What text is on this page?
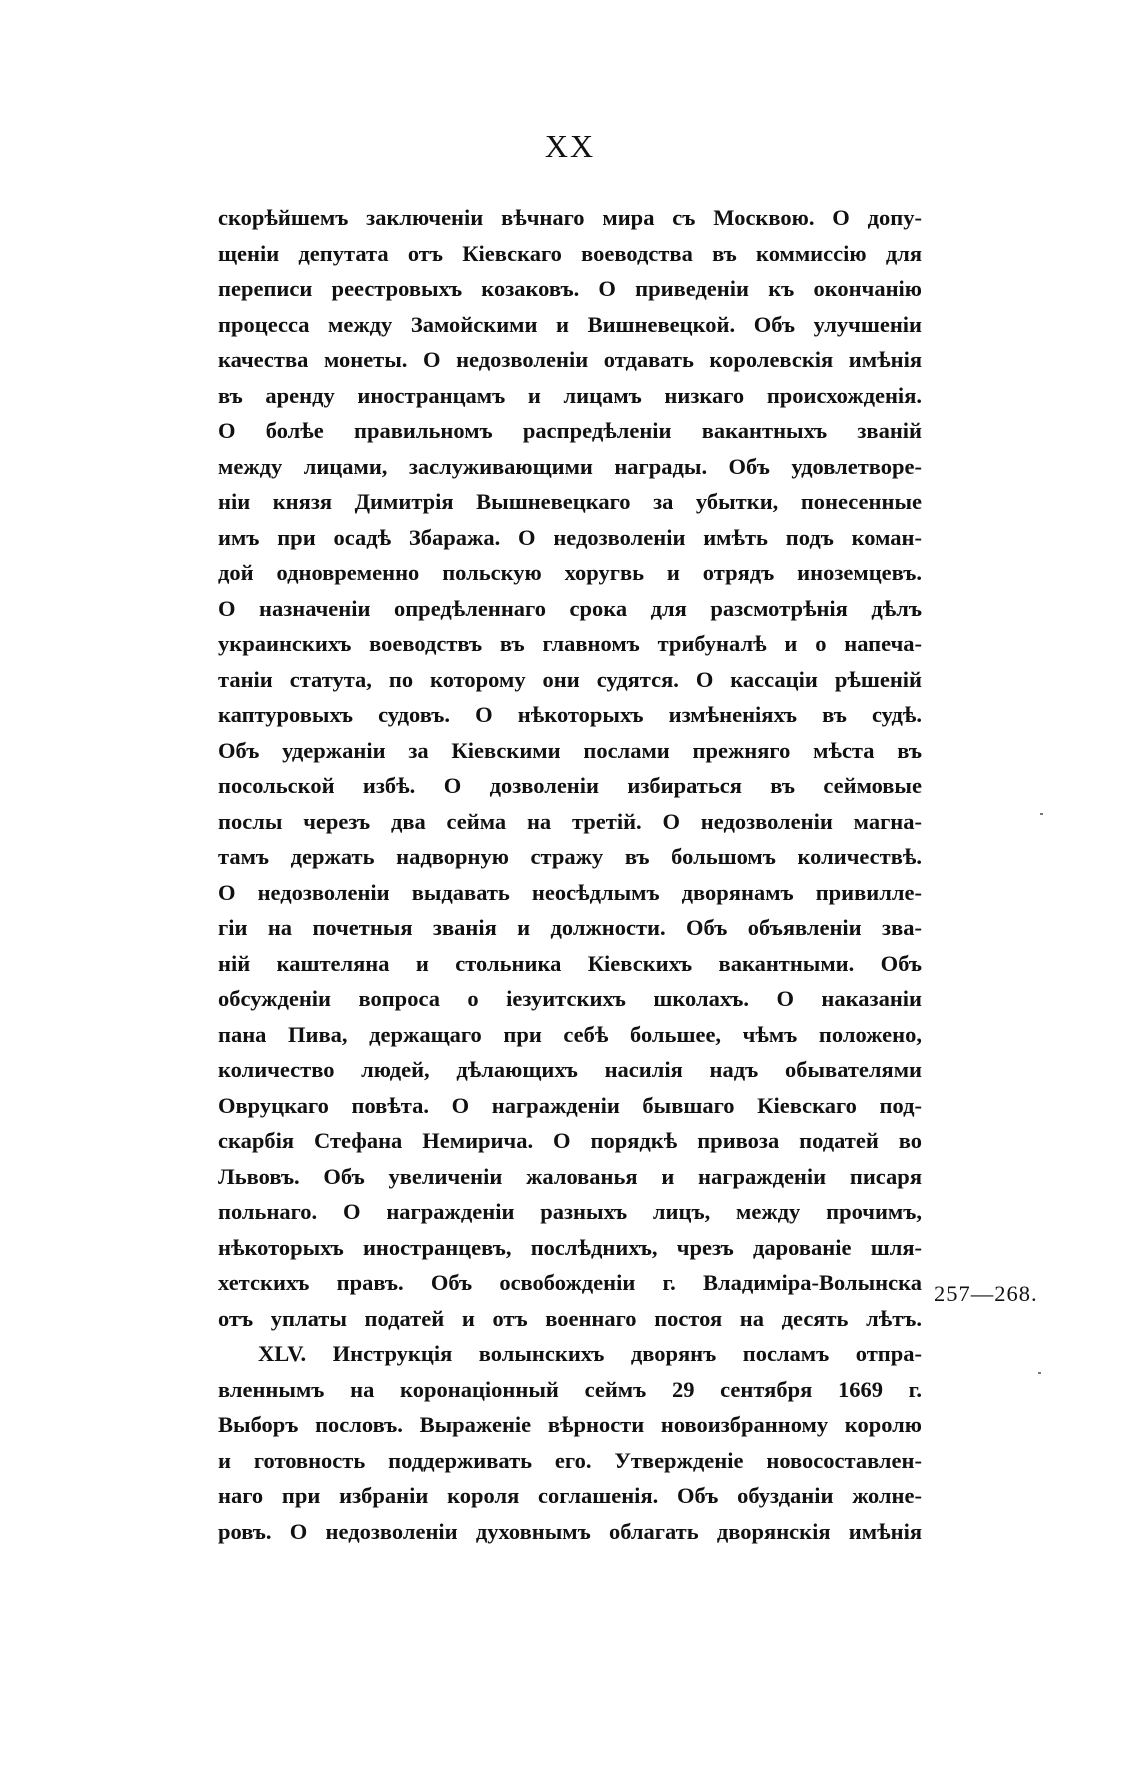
XX
скорѣйшемъ заключеніи вѣчнаго мира съ Москвою. О допу-
щеніи депутата отъ Кіевскаго воеводства въ коммиссію для
переписи реестровыхъ козаковъ. О приведеніи къ окончанію
процесса между Замойскими и Вишневецкой. Объ улучшеніи
качества монеты. О недозволеніи отдавать королевскія имѣнія
въ аренду иностранцамъ и лицамъ низкаго происхожденія.
О болѣе правильномъ распредѣленіи вакантныхъ званій
между лицами, заслуживающими награды. Объ удовлетворе-
ніи князя Димитрія Вышневецкаго за убытки, понесенные
имъ при осадѣ Збаража. О недозволеніи имѣть подъ коман-
дой одновременно польскую хоругвь и отрядъ иноземцевъ.
О назначеніи опредѣленнаго срока для разсмотрѣнія дѣлъ
украинскихъ воеводствъ въ главномъ трибуналѣ и о напеча-
таніи статута, по которому они судятся. О кассаціи рѣшеній
каптуровыхъ судовъ. О нѣкоторыхъ измѣненіяхъ въ судѣ.
Объ удержаніи за Кіевскими послами прежняго мѣста въ
посольской избѣ. О дозволеніи избираться въ сеймовые
послы черезъ два сейма на третій. О недозволеніи магна-
тамъ держать надворную стражу въ большомъ количествѣ.
О недозволеніи выдавать неосѣдлымъ дворянамъ привилле-
гіи на почетныя званія и должности. Объ объявленіи зва-
ній каштеляна и стольника Кіевскихъ вакантными. Объ
обсужденіи вопроса о іезуитскихъ школахъ. О наказаніи
пана Пива, держащаго при себѣ большее, чѣмъ положено,
количество людей, дѣлающихъ насилія надъ обывателями
Овруцкаго повѣта. О награжденіи бывшаго Кіевскаго под-
скарбія Стефана Немирича. О порядкѣ привоза податей во
Львовъ. Объ увеличеніи жалованья и награжденіи писаря
польнаго. О награжденіи разныхъ лицъ, между прочимъ,
нѣкоторыхъ иностранцевъ, послѣднихъ, чрезъ дарованіе шля-
хетскихъ правъ. Объ освобожденіи г. Владиміра-Волынска
отъ уплаты податей и отъ военнаго постоя на десять лѣтъ.
XLV. Инструкція волынскихъ дворянъ посламъ отпра-
вленнымъ на коронаціонный сеймъ 29 сентября 1669 г.
Выборъ пословъ. Выраженіе вѣрности новоизбранному королю
и готовность поддерживать его. Утвержденіе новосоставлен-
наго при избраніи короля соглашенія. Объ обузданіи жолне-
ровъ. О недозволеніи духовнымъ облагать дворянскія имѣнія
257—268.
